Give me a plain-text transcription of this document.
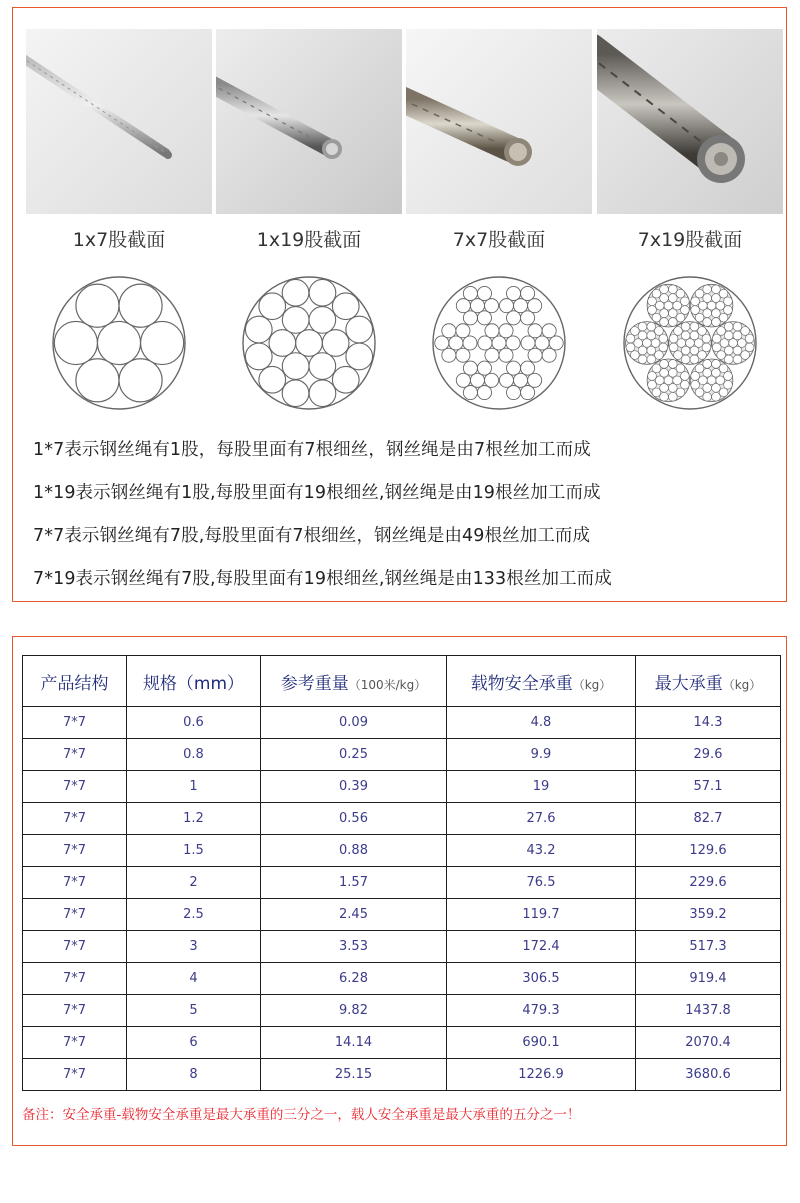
1x7股截面	1x19股截面	7x7股截面	7x19股截面
1*7表示钢丝绳有1股，每股里面有7根细丝，钢丝绳是由7根丝加工而成
1*19表示钢丝绳有1股,每股里面有19根细丝,钢丝绳是由19根丝加工而成
7*7表示钢丝绳有7股,每股里面有7根细丝，钢丝绳是由49根丝加工而成
7*19表示钢丝绳有7股,每股里面有19根细丝,钢丝绳是由133根丝加工而成
产品结构	规格（mm）	参考重量（100米/kg）	载物安全承重（kg）	最大承重（kg）
7*7	0.6	0.09	4.8	14.3
7*7	0.8	0.25	9.9	29.6
7*7	1	0.39	19	57.1
7*7	1.2	0.56	27.6	82.7
7*7	1.5	0.88	43.2	129.6
7*7	2	1.57	76.5	229.6
7*7	2.5	2.45	119.7	359.2
7*7	3	3.53	172.4	517.3
7*7	4	6.28	306.5	919.4
7*7	5	9.82	479.3	1437.8
7*7	6	14.14	690.1	2070.4
7*7	8	25.15	1226.9	3680.6
备注：安全承重-载物安全承重是最大承重的三分之一，载人安全承重是最大承重的五分之一！
